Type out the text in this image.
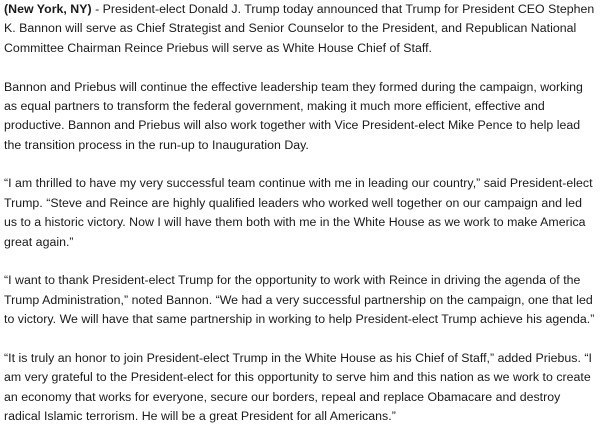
(New York, NY) - President-elect Donald J. Trump today announced that Trump for President CEO Stephen K. Bannon will serve as Chief Strategist and Senior Counselor to the President, and Republican National Committee Chairman Reince Priebus will serve as White House Chief of Staff.

Bannon and Priebus will continue the effective leadership team they formed during the campaign, working as equal partners to transform the federal government, making it much more efficient, effective and productive. Bannon and Priebus will also work together with Vice President-elect Mike Pence to help lead the transition process in the run-up to Inauguration Day.

“I am thrilled to have my very successful team continue with me in leading our country,” said President-elect Trump. “Steve and Reince are highly qualified leaders who worked well together on our campaign and led us to a historic victory. Now I will have them both with me in the White House as we work to make America great again.”

“I want to thank President-elect Trump for the opportunity to work with Reince in driving the agenda of the Trump Administration,” noted Bannon. “We had a very successful partnership on the campaign, one that led to victory. We will have that same partnership in working to help President-elect Trump achieve his agenda.”

“It is truly an honor to join President-elect Trump in the White House as his Chief of Staff,” added Priebus. “I am very grateful to the President-elect for this opportunity to serve him and this nation as we work to create an economy that works for everyone, secure our borders, repeal and replace Obamacare and destroy radical Islamic terrorism. He will be a great President for all Americans.”
